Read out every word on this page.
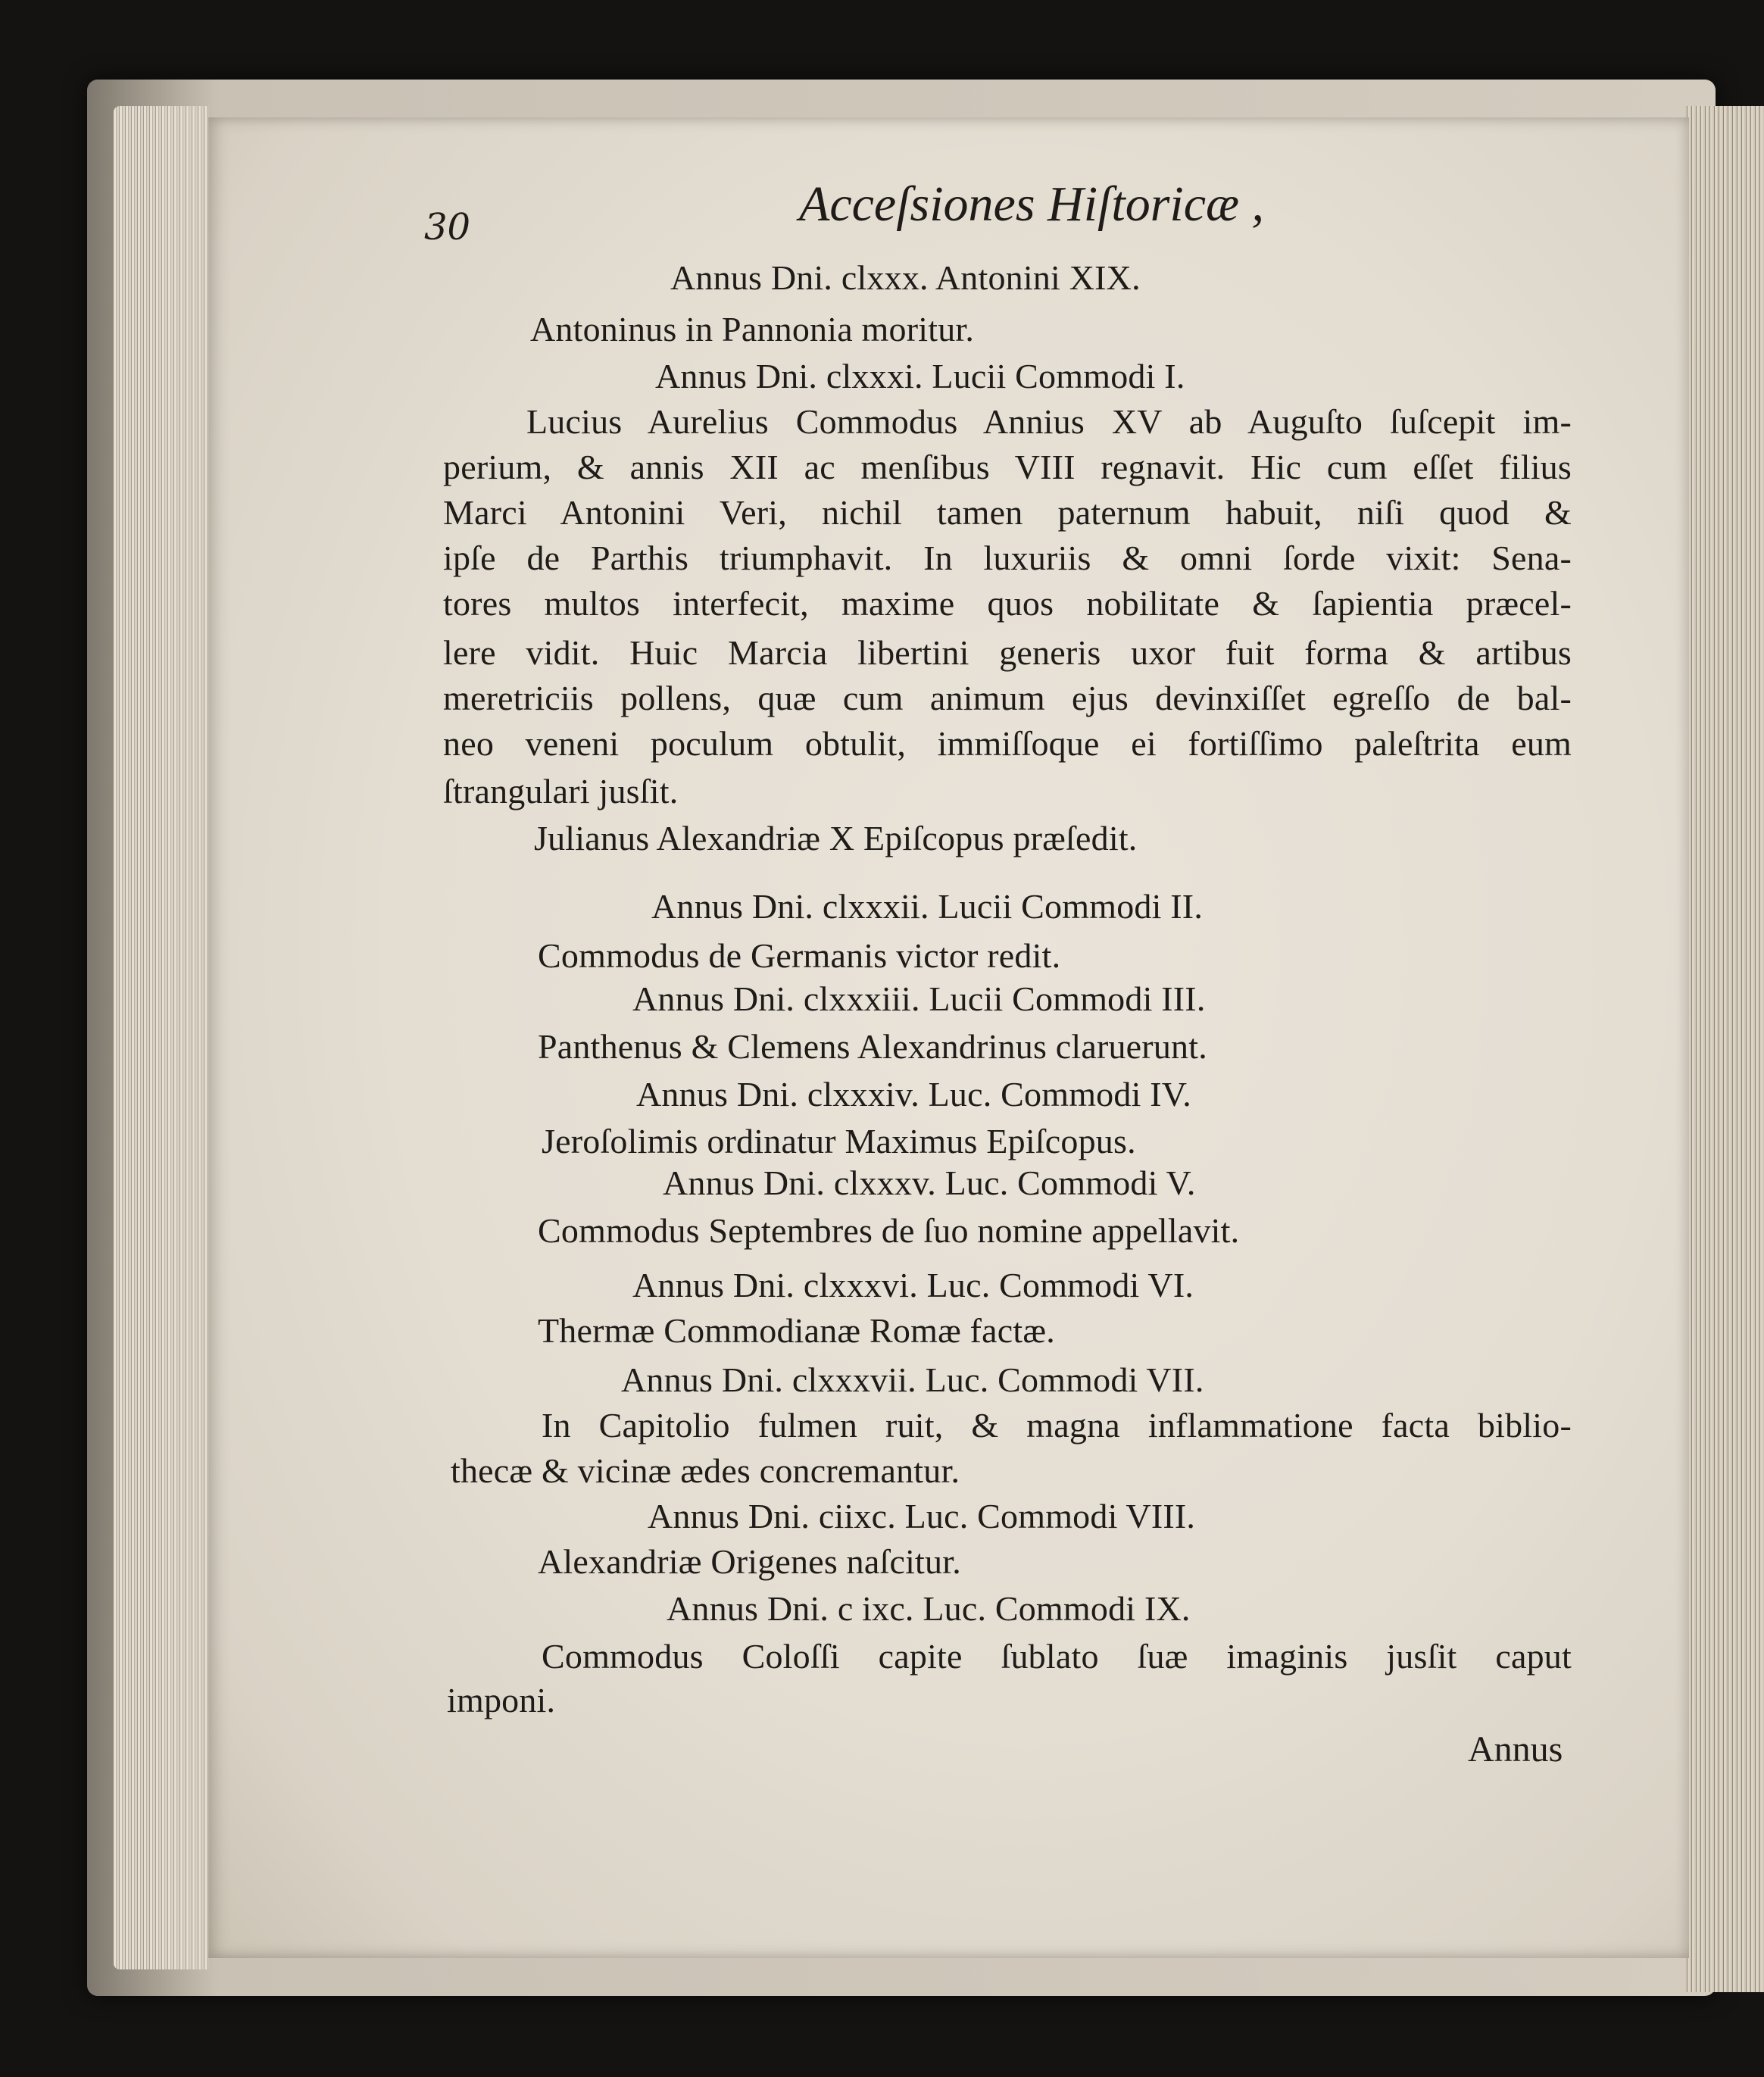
30	Acceſsiones Hiſtoricæ ,
Annus Dni. clxxx. Antonini XIX.
Antoninus in Pannonia moritur.
Annus Dni. clxxxi. Lucii Commodi I.
Lucius Aurelius Commodus Annius XV ab Auguſto ſuſcepit im-
perium, & annis XII ac menſibus VIII regnavit. Hic cum eſſet filius
Marci Antonini Veri, nichil tamen paternum habuit, niſi quod &
ipſe de Parthis triumphavit. In luxuriis & omni ſorde vixit: Sena-
tores multos interfecit, maxime quos nobilitate & ſapientia præcel-
lere vidit. Huic Marcia libertini generis uxor fuit forma & artibus
meretriciis pollens, quæ cum animum ejus devinxiſſet egreſſo de bal-
neo veneni poculum obtulit, immiſſoque ei fortiſſimo paleſtrita eum
ſtrangulari jusſit.
Julianus Alexandriæ X Epiſcopus præſedit.
Annus Dni. clxxxii. Lucii Commodi II.
Commodus de Germanis victor redit.
Annus Dni. clxxxiii. Lucii Commodi III.
Panthenus & Clemens Alexandrinus claruerunt.
Annus Dni. clxxxiv. Luc. Commodi IV.
Jeroſolimis ordinatur Maximus Epiſcopus.
Annus Dni. clxxxv. Luc. Commodi V.
Commodus Septembres de ſuo nomine appellavit.
Annus Dni. clxxxvi. Luc. Commodi VI.
Thermæ Commodianæ Romæ factæ.
Annus Dni. clxxxvii. Luc. Commodi VII.
In Capitolio fulmen ruit, & magna inflammatione facta biblio-
thecæ & vicinæ ædes concremantur.
Annus Dni. ciixc. Luc. Commodi VIII.
Alexandriæ Origenes naſcitur.
Annus Dni. c ixc. Luc. Commodi IX.
Commodus Coloſſi capite ſublato ſuæ imaginis jusſit caput
imponi.
Annus
